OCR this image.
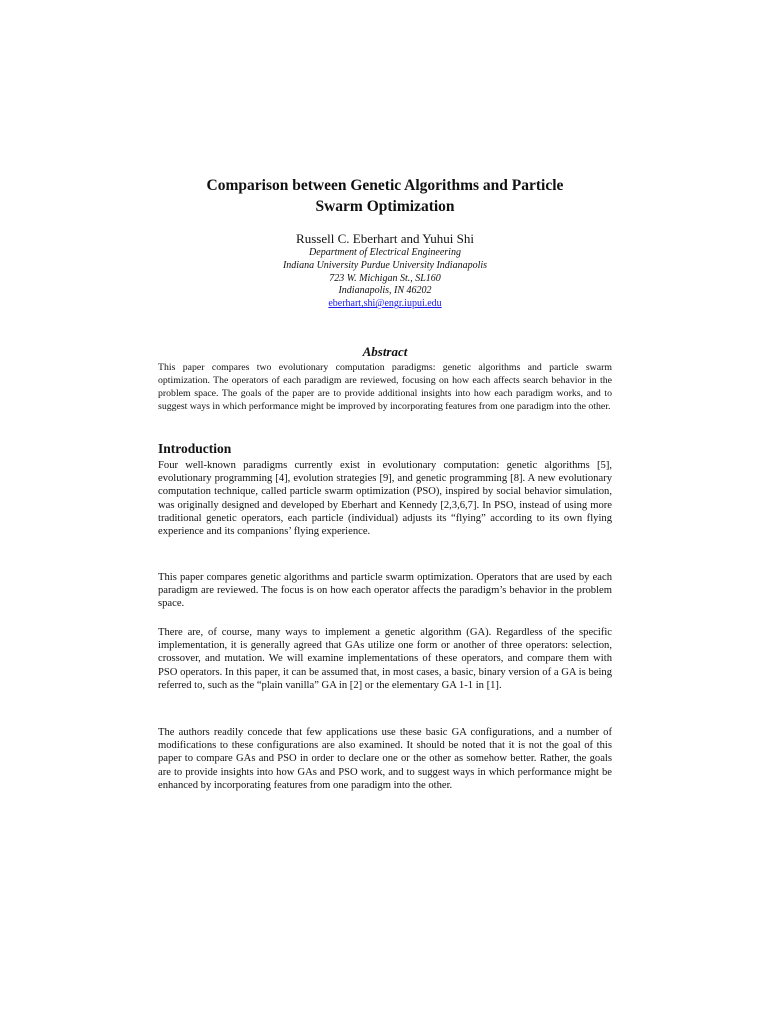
Comparison between Genetic Algorithms and Particle
Swarm Optimization

Russell C. Eberhart and Yuhui Shi

Department of Electrical Engineering
Indiana University Purdue University Indianapolis
723 W. Michigan St., SL160
Indianapolis, IN 46202
eberhart,shi@engr.iupui.edu
Abstract

This paper compares two evolutionary computation paradigms: genetic algorithms and particle swarm optimization. The operators of each paradigm are reviewed, focusing on how each affects search behavior in the problem space. The goals of the paper are to provide additional insights into how each paradigm works, and to suggest ways in which performance might be improved by incorporating features from one paradigm into the other.

Introduction

Four well-known paradigms currently exist in evolutionary computation: genetic algorithms [5], evolutionary programming [4], evolution strategies [9], and genetic programming [8]. A new evolutionary computation technique, called particle swarm optimization (PSO), inspired by social behavior simulation, was originally designed and developed by Eberhart and Kennedy [2,3,6,7]. In PSO, instead of using more traditional genetic operators, each particle (individual) adjusts its “flying” according to its own flying experience and its companions’ flying experience.

This paper compares genetic algorithms and particle swarm optimization. Operators that are used by each paradigm are reviewed. The focus is on how each operator affects the paradigm’s behavior in the problem space.

There are, of course, many ways to implement a genetic algorithm (GA). Regardless of the specific implementation, it is generally agreed that GAs utilize one form or another of three operators: selection, crossover, and mutation. We will examine implementations of these operators, and compare them with PSO operators. In this paper, it can be assumed that, in most cases, a basic, binary version of a GA is being referred to, such as the “plain vanilla” GA in [2] or the elementary GA 1-1 in [1].

The authors readily concede that few applications use these basic GA configurations, and a number of modifications to these configurations are also examined. It should be noted that it is not the goal of this paper to compare GAs and PSO in order to declare one or the other as somehow better. Rather, the goals are to provide insights into how GAs and PSO work, and to suggest ways in which performance might be enhanced by incorporating features from one paradigm into the other.
